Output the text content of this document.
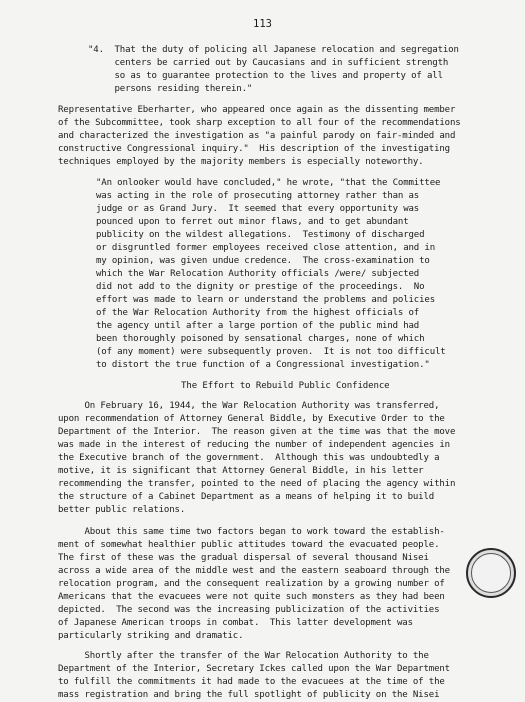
113
"4.  That the duty of policing all Japanese relocation and segregation
centers be carried out by Caucasians and in sufficient strength
so as to guarantee protection to the lives and property of all
persons residing therein."
Representative Eberharter, who appeared once again as the dissenting member
of the Subcommittee, took sharp exception to all four of the recommendations
and characterized the investigation as "a painful parody on fair-minded and
constructive Congressional inquiry."  His description of the investigating
techniques employed by the majority members is especially noteworthy.
"An onlooker would have concluded," he wrote, "that the Committee
was acting in the role of prosecuting attorney rather than as
judge or as Grand Jury.  It seemed that every opportunity was
pounced upon to ferret out minor flaws, and to get abundant
publicity on the wildest allegations.  Testimony of discharged
or disgruntled former employees received close attention, and in
my opinion, was given undue credence.  The cross-examination to
which the War Relocation Authority officials /were/ subjected
did not add to the dignity or prestige of the proceedings.  No
effort was made to learn or understand the problems and policies
of the War Relocation Authority from the highest officials of
the agency until after a large portion of the public mind had
been thoroughly poisoned by sensational charges, none of which
(of any moment) were subsequently proven.  It is not too difficult
to distort the true function of a Congressional investigation."
The Effort to Rebuild Public Confidence
On February 16, 1944, the War Relocation Authority was transferred,
upon recommendation of Attorney General Biddle, by Executive Order to the
Department of the Interior.  The reason given at the time was that the move
was made in the interest of reducing the number of independent agencies in
the Executive branch of the government.  Although this was undoubtedly a
motive, it is significant that Attorney General Biddle, in his letter
recommending the transfer, pointed to the need of placing the agency within
the structure of a Cabinet Department as a means of helping it to build
better public relations.
About this same time two factors began to work toward the establish-
ment of somewhat healthier public attitudes toward the evacuated people.
The first of these was the gradual dispersal of several thousand Nisei
across a wide area of the middle west and the eastern seaboard through the
relocation program, and the consequent realization by a growing number of
Americans that the evacuees were not quite such monsters as they had been
depicted.  The second was the increasing publicization of the activities
of Japanese American troops in combat.  This latter development was
particularly striking and dramatic.
Shortly after the transfer of the War Relocation Authority to the
Department of the Interior, Secretary Ickes called upon the War Department
to fulfill the commitments it had made to the evacuees at the time of the
mass registration and bring the full spotlight of publicity on the Nisei
